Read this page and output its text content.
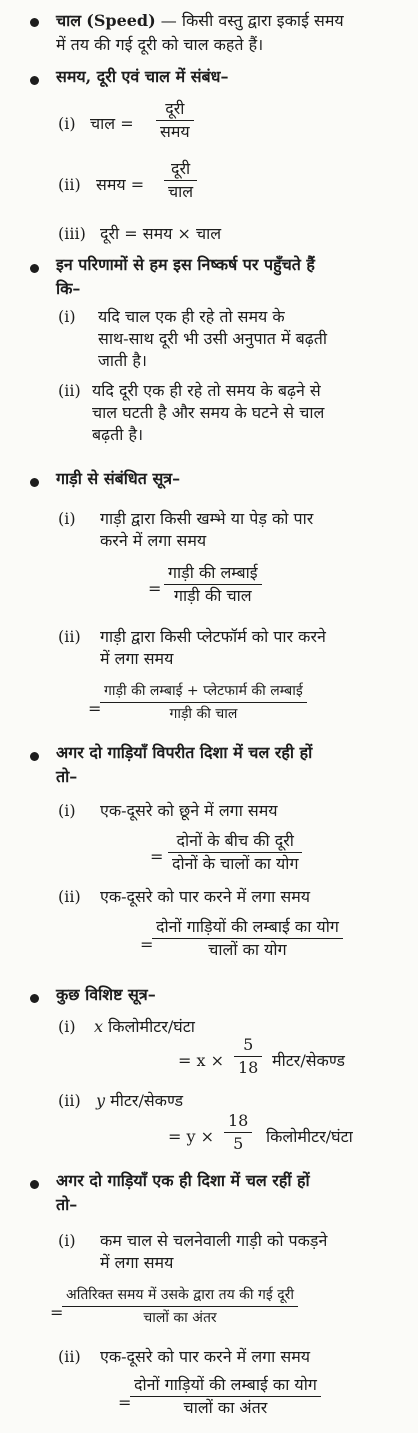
चाल (Speed) — किसी वस्तु द्वारा इकाई समय
में तय की गई दूरी को चाल कहते हैं।
समय, दूरी एवं चाल में संबंध–
(i) चाल =
दूरी
समय
(ii) समय =
दूरी
चाल
(iii) दूरी = समय × चाल
इन परिणामों से हम इस निष्कर्ष पर पहुँचते हैं
कि–
(i) यदि चाल एक ही रहे तो समय के
साथ-साथ दूरी भी उसी अनुपात में बढ़ती
जाती है।
(ii) यदि दूरी एक ही रहे तो समय के बढ़ने से
चाल घटती है और समय के घटने से चाल
बढ़ती है।
गाड़ी से संबंधित सूत्र–
(i) गाड़ी द्वारा किसी खम्भे या पेड़ को पार
करने में लगा समय
=
गाड़ी की लम्बाई
गाड़ी की चाल
(ii) गाड़ी द्वारा किसी प्लेटफॉर्म को पार करने
में लगा समय
=
गाड़ी की लम्बाई + प्लेटफार्म की लम्बाई
गाड़ी की चाल
अगर दो गाड़ियाँ विपरीत दिशा में चल रही हों
तो–
(i) एक-दूसरे को छूने में लगा समय
=
दोनों के बीच की दूरी
दोनों के चालों का योग
(ii) एक-दूसरे को पार करने में लगा समय
=
दोनों गाड़ियों की लम्बाई का योग
चालों का योग
कुछ विशिष्ट सूत्र–
(i) x किलोमीटर/घंटा
= $x \times \frac{5}{18}$ मीटर/सेकण्ड
(ii) y मीटर/सेकण्ड
= $y \times \frac{18}{5}$ किलोमीटर/घंटा
अगर दो गाड़ियाँ एक ही दिशा में चल रहीं हों
तो–
(i) कम चाल से चलनेवाली गाड़ी को पकड़ने
में लगा समय
=
अतिरिक्त समय में उसके द्वारा तय की गई दूरी
चालों का अंतर
(ii) एक-दूसरे को पार करने में लगा समय
=
दोनों गाड़ियों की लम्बाई का योग
चालों का अंतर
